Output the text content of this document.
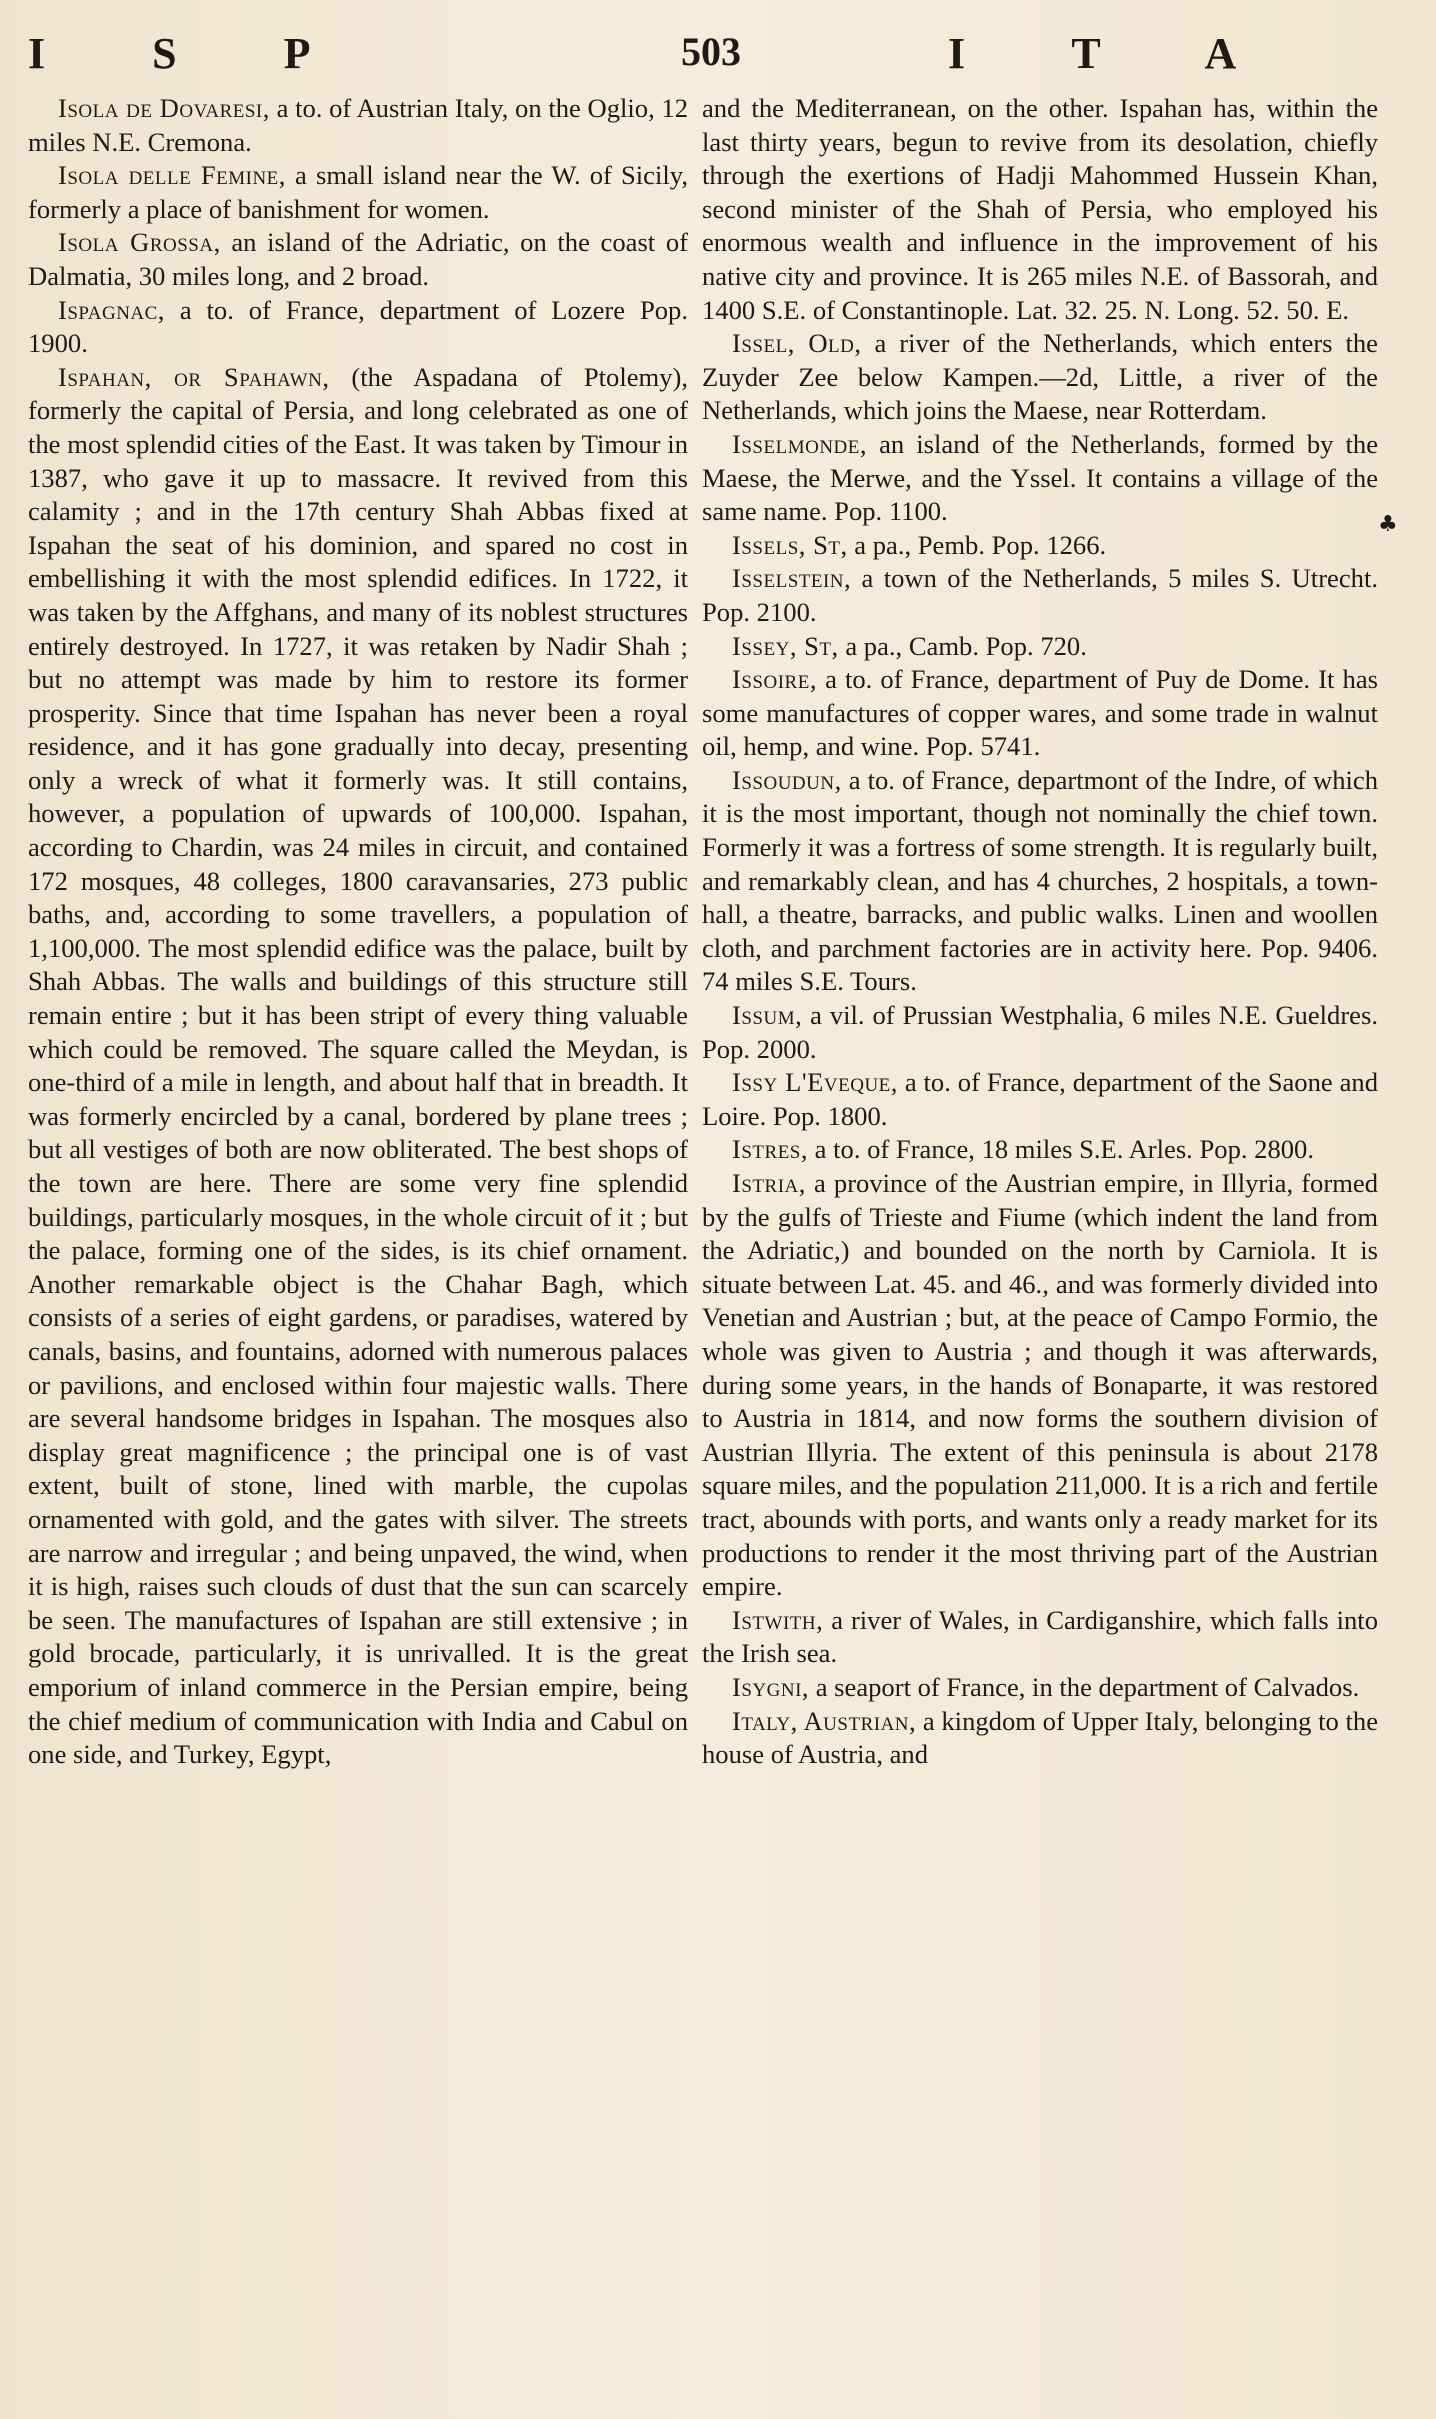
I S P	503	I T A

Isola de Dovaresi, a to. of Austrian Italy, on the Oglio, 12 miles N.E. Cremona.

Isola delle Femine, a small island near the W. of Sicily, formerly a place of banishment for women.

Isola Grossa, an island of the Adriatic, on the coast of Dalmatia, 30 miles long, and 2 broad.

Ispagnac, a to. of France, department of Lozere Pop. 1900.

Ispahan, or Spahawn, (the Aspadana of Ptolemy), formerly the capital of Persia, and long celebrated as one of the most splendid cities of the East. It was taken by Timour in 1387, who gave it up to massacre. It revived from this calamity ; and in the 17th century Shah Abbas fixed at Ispahan the seat of his dominion, and spared no cost in embellishing it with the most splendid edifices. In 1722, it was taken by the Affghans, and many of its noblest structures entirely destroyed. In 1727, it was retaken by Nadir Shah ; but no attempt was made by him to restore its former prosperity. Since that time Ispahan has never been a royal residence, and it has gone gradually into decay, presenting only a wreck of what it formerly was. It still contains, however, a population of upwards of 100,000. Ispahan, according to Chardin, was 24 miles in circuit, and contained 172 mosques, 48 colleges, 1800 caravansaries, 273 public baths, and, according to some travellers, a population of 1,100,000. The most splendid edifice was the palace, built by Shah Abbas. The walls and buildings of this structure still remain entire ; but it has been stript of every thing valuable which could be removed. The square called the Meydan, is one-third of a mile in length, and about half that in breadth. It was formerly encircled by a canal, bordered by plane trees ; but all vestiges of both are now obliterated. The best shops of the town are here. There are some very fine splendid buildings, particularly mosques, in the whole circuit of it ; but the palace, forming one of the sides, is its chief ornament. Another remarkable object is the Chahar Bagh, which consists of a series of eight gardens, or paradises, watered by canals, basins, and fountains, adorned with numerous palaces or pavilions, and enclosed within four majestic walls. There are several handsome bridges in Ispahan. The mosques also display great magnificence ; the principal one is of vast extent, built of stone, lined with marble, the cupolas ornamented with gold, and the gates with silver. The streets are narrow and irregular ; and being unpaved, the wind, when it is high, raises such clouds of dust that the sun can scarcely be seen. The manufactures of Ispahan are still extensive ; in gold brocade, particularly, it is unrivalled. It is the great emporium of inland commerce in the Persian empire, being the chief medium of communication with India and Cabul on one side, and Turkey, Egypt,

and the Mediterranean, on the other. Ispahan has, within the last thirty years, begun to revive from its desolation, chiefly through the exertions of Hadji Mahommed Hussein Khan, second minister of the Shah of Persia, who employed his enormous wealth and influence in the improvement of his native city and province. It is 265 miles N.E. of Bassorah, and 1400 S.E. of Constantinople. Lat. 32. 25. N. Long. 52. 50. E.

Issel, Old, a river of the Netherlands, which enters the Zuyder Zee below Kampen.—2d, Little, a river of the Netherlands, which joins the Maese, near Rotterdam.

Isselmonde, an island of the Netherlands, formed by the Maese, the Merwe, and the Yssel. It contains a village of the same name. Pop. 1100.

Issels, St, a pa., Pemb. Pop. 1266.

Isselstein, a town of the Netherlands, 5 miles S. Utrecht. Pop. 2100.

Issey, St, a pa., Camb. Pop. 720.

Issoire, a to. of France, department of Puy de Dome. It has some manufactures of copper wares, and some trade in walnut oil, hemp, and wine. Pop. 5741.

Issoudun, a to. of France, departmont of the Indre, of which it is the most important, though not nominally the chief town. Formerly it was a fortress of some strength. It is regularly built, and remarkably clean, and has 4 churches, 2 hospitals, a town-hall, a theatre, barracks, and public walks. Linen and woollen cloth, and parchment factories are in activity here. Pop. 9406. 74 miles S.E. Tours.

Issum, a vil. of Prussian Westphalia, 6 miles N.E. Gueldres. Pop. 2000.

Issy L'Eveque, a to. of France, department of the Saone and Loire. Pop. 1800.

Istres, a to. of France, 18 miles S.E. Arles. Pop. 2800.

Istria, a province of the Austrian empire, in Illyria, formed by the gulfs of Trieste and Fiume (which indent the land from the Adriatic,) and bounded on the north by Carniola. It is situate between Lat. 45. and 46., and was formerly divided into Venetian and Austrian ; but, at the peace of Campo Formio, the whole was given to Austria ; and though it was afterwards, during some years, in the hands of Bonaparte, it was restored to Austria in 1814, and now forms the southern division of Austrian Illyria. The extent of this peninsula is about 2178 square miles, and the population 211,000. It is a rich and fertile tract, abounds with ports, and wants only a ready market for its productions to render it the most thriving part of the Austrian empire.

Istwith, a river of Wales, in Cardiganshire, which falls into the Irish sea.

Isygni, a seaport of France, in the department of Calvados.

Italy, Austrian, a kingdom of Upper Italy, belonging to the house of Austria, and

♣
